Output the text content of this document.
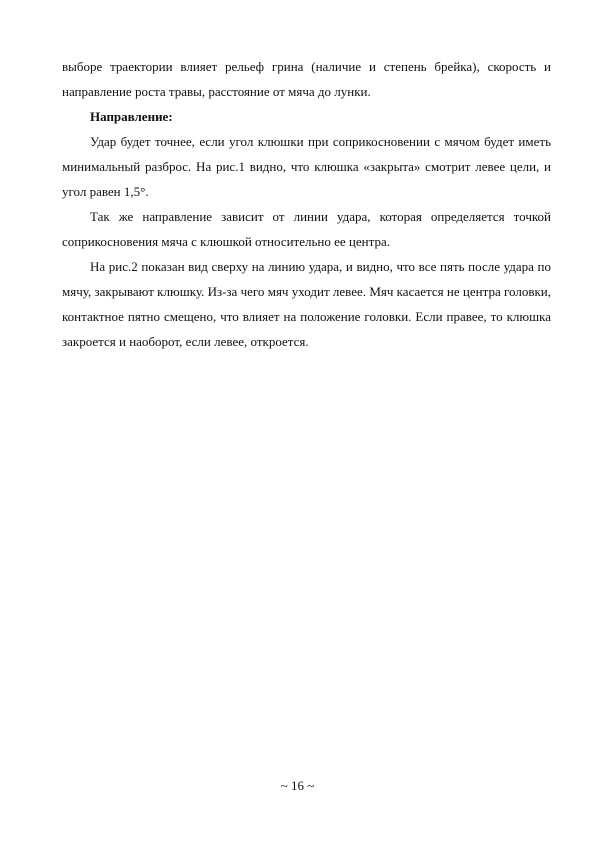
выборе траектории влияет рельеф грина (наличие и степень брейка), скорость и направление роста травы, расстояние от мяча до лунки.

Направление:

Удар будет точнее, если угол клюшки при соприкосновении с мячом будет иметь минимальный разброс. На рис.1 видно, что клюшка «закрыта» смотрит левее цели, и угол равен 1,5°.

Так же направление зависит от линии удара, которая определяется точкой соприкосновения мяча с клюшкой относительно ее центра.

На рис.2 показан вид сверху на линию удара, и видно, что все пять после удара по мячу, закрывают клюшку. Из-за чего мяч уходит левее. Мяч касается не центра головки, контактное пятно смещено, что влияет на положение головки. Если правее, то клюшка закроется и наоборот, если левее, откроется.

~ 16 ~
